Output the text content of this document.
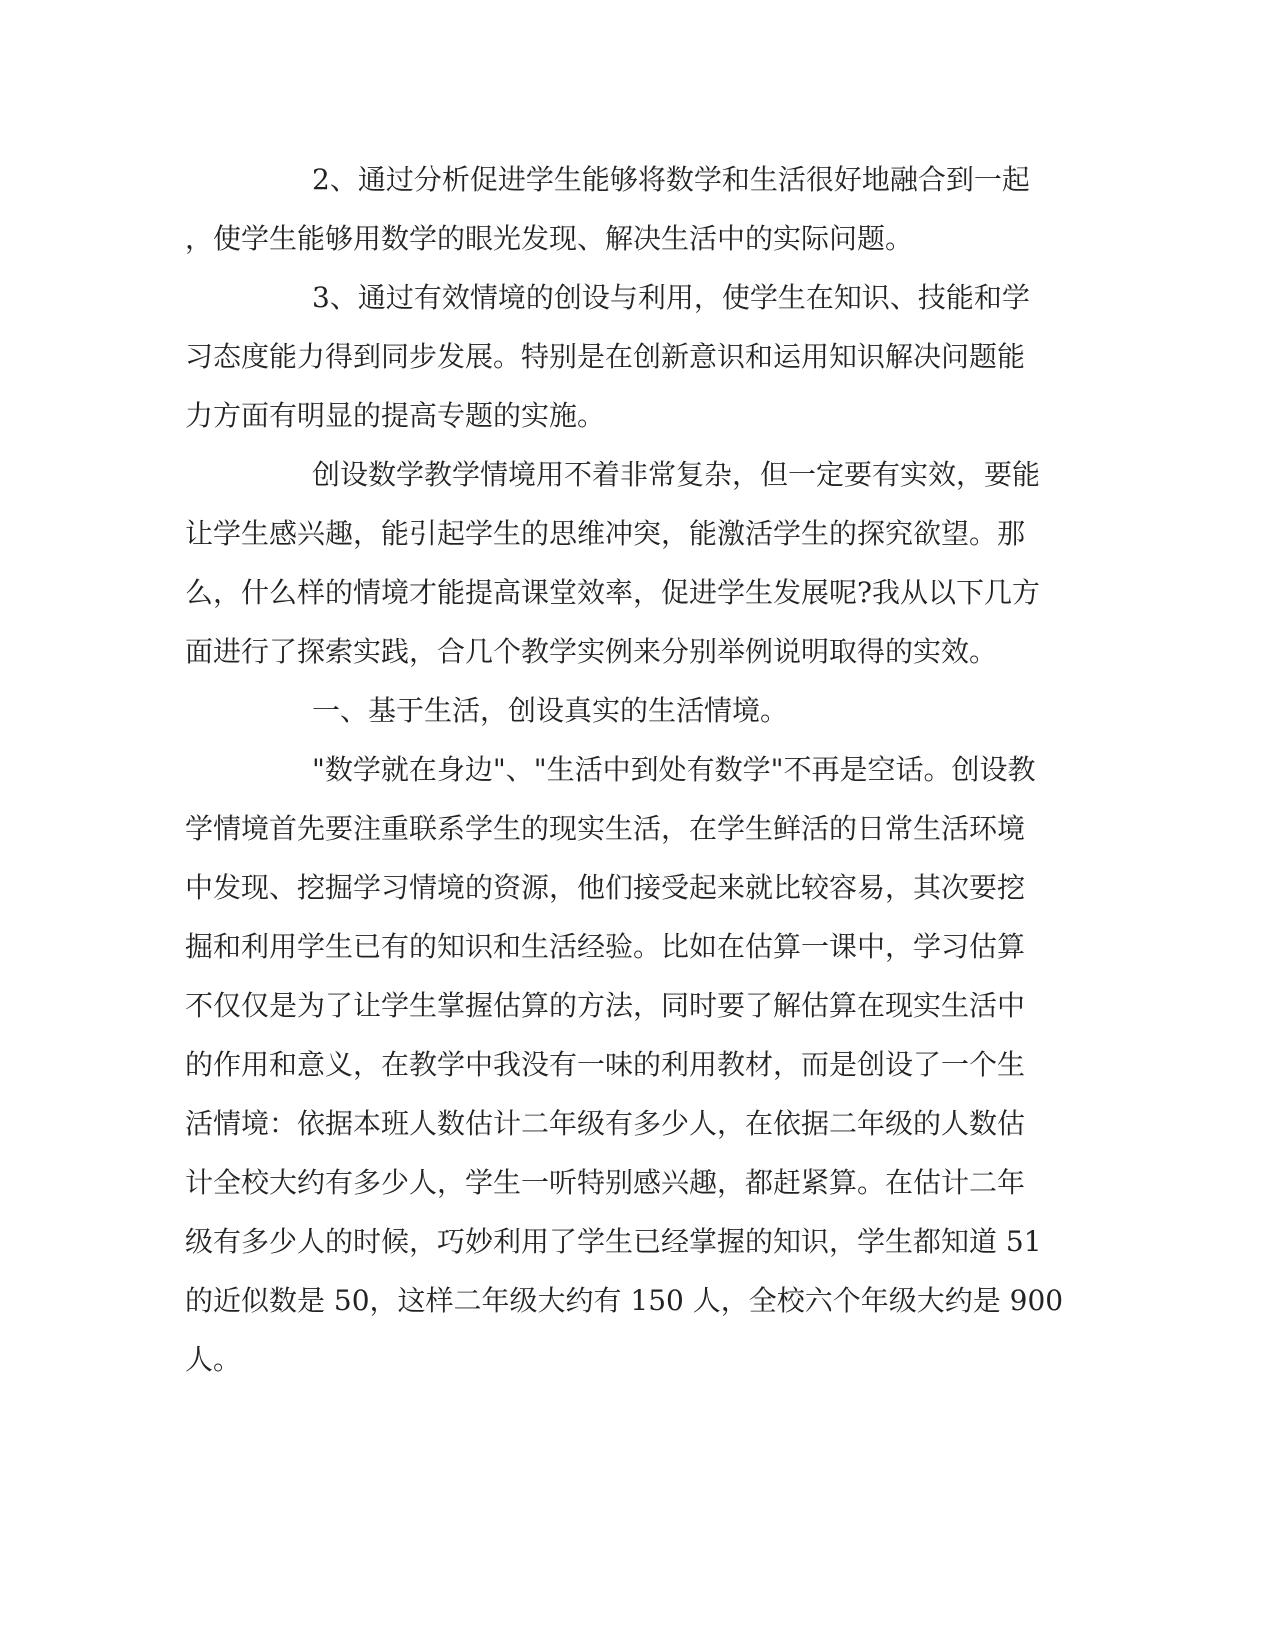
2、通过分析促进学生能够将数学和生活很好地融合到一起
，使学生能够用数学的眼光发现、解决生活中的实际问题。
3、通过有效情境的创设与利用，使学生在知识、技能和学
习态度能力得到同步发展。特别是在创新意识和运用知识解决问题能
力方面有明显的提高专题的实施。
创设数学教学情境用不着非常复杂，但一定要有实效，要能
让学生感兴趣，能引起学生的思维冲突，能激活学生的探究欲望。那
么，什么样的情境才能提高课堂效率，促进学生发展呢?我从以下几方
面进行了探索实践，合几个教学实例来分别举例说明取得的实效。
一、基于生活，创设真实的生活情境。
"数学就在身边"、"生活中到处有数学"不再是空话。创设教
学情境首先要注重联系学生的现实生活，在学生鲜活的日常生活环境
中发现、挖掘学习情境的资源，他们接受起来就比较容易，其次要挖
掘和利用学生已有的知识和生活经验。比如在估算一课中，学习估算
不仅仅是为了让学生掌握估算的方法，同时要了解估算在现实生活中
的作用和意义，在教学中我没有一味的利用教材，而是创设了一个生
活情境：依据本班人数估计二年级有多少人，在依据二年级的人数估
计全校大约有多少人，学生一听特别感兴趣，都赶紧算。在估计二年
级有多少人的时候，巧妙利用了学生已经掌握的知识，学生都知道 51
的近似数是 50，这样二年级大约有 150 人，全校六个年级大约是 900
人。
